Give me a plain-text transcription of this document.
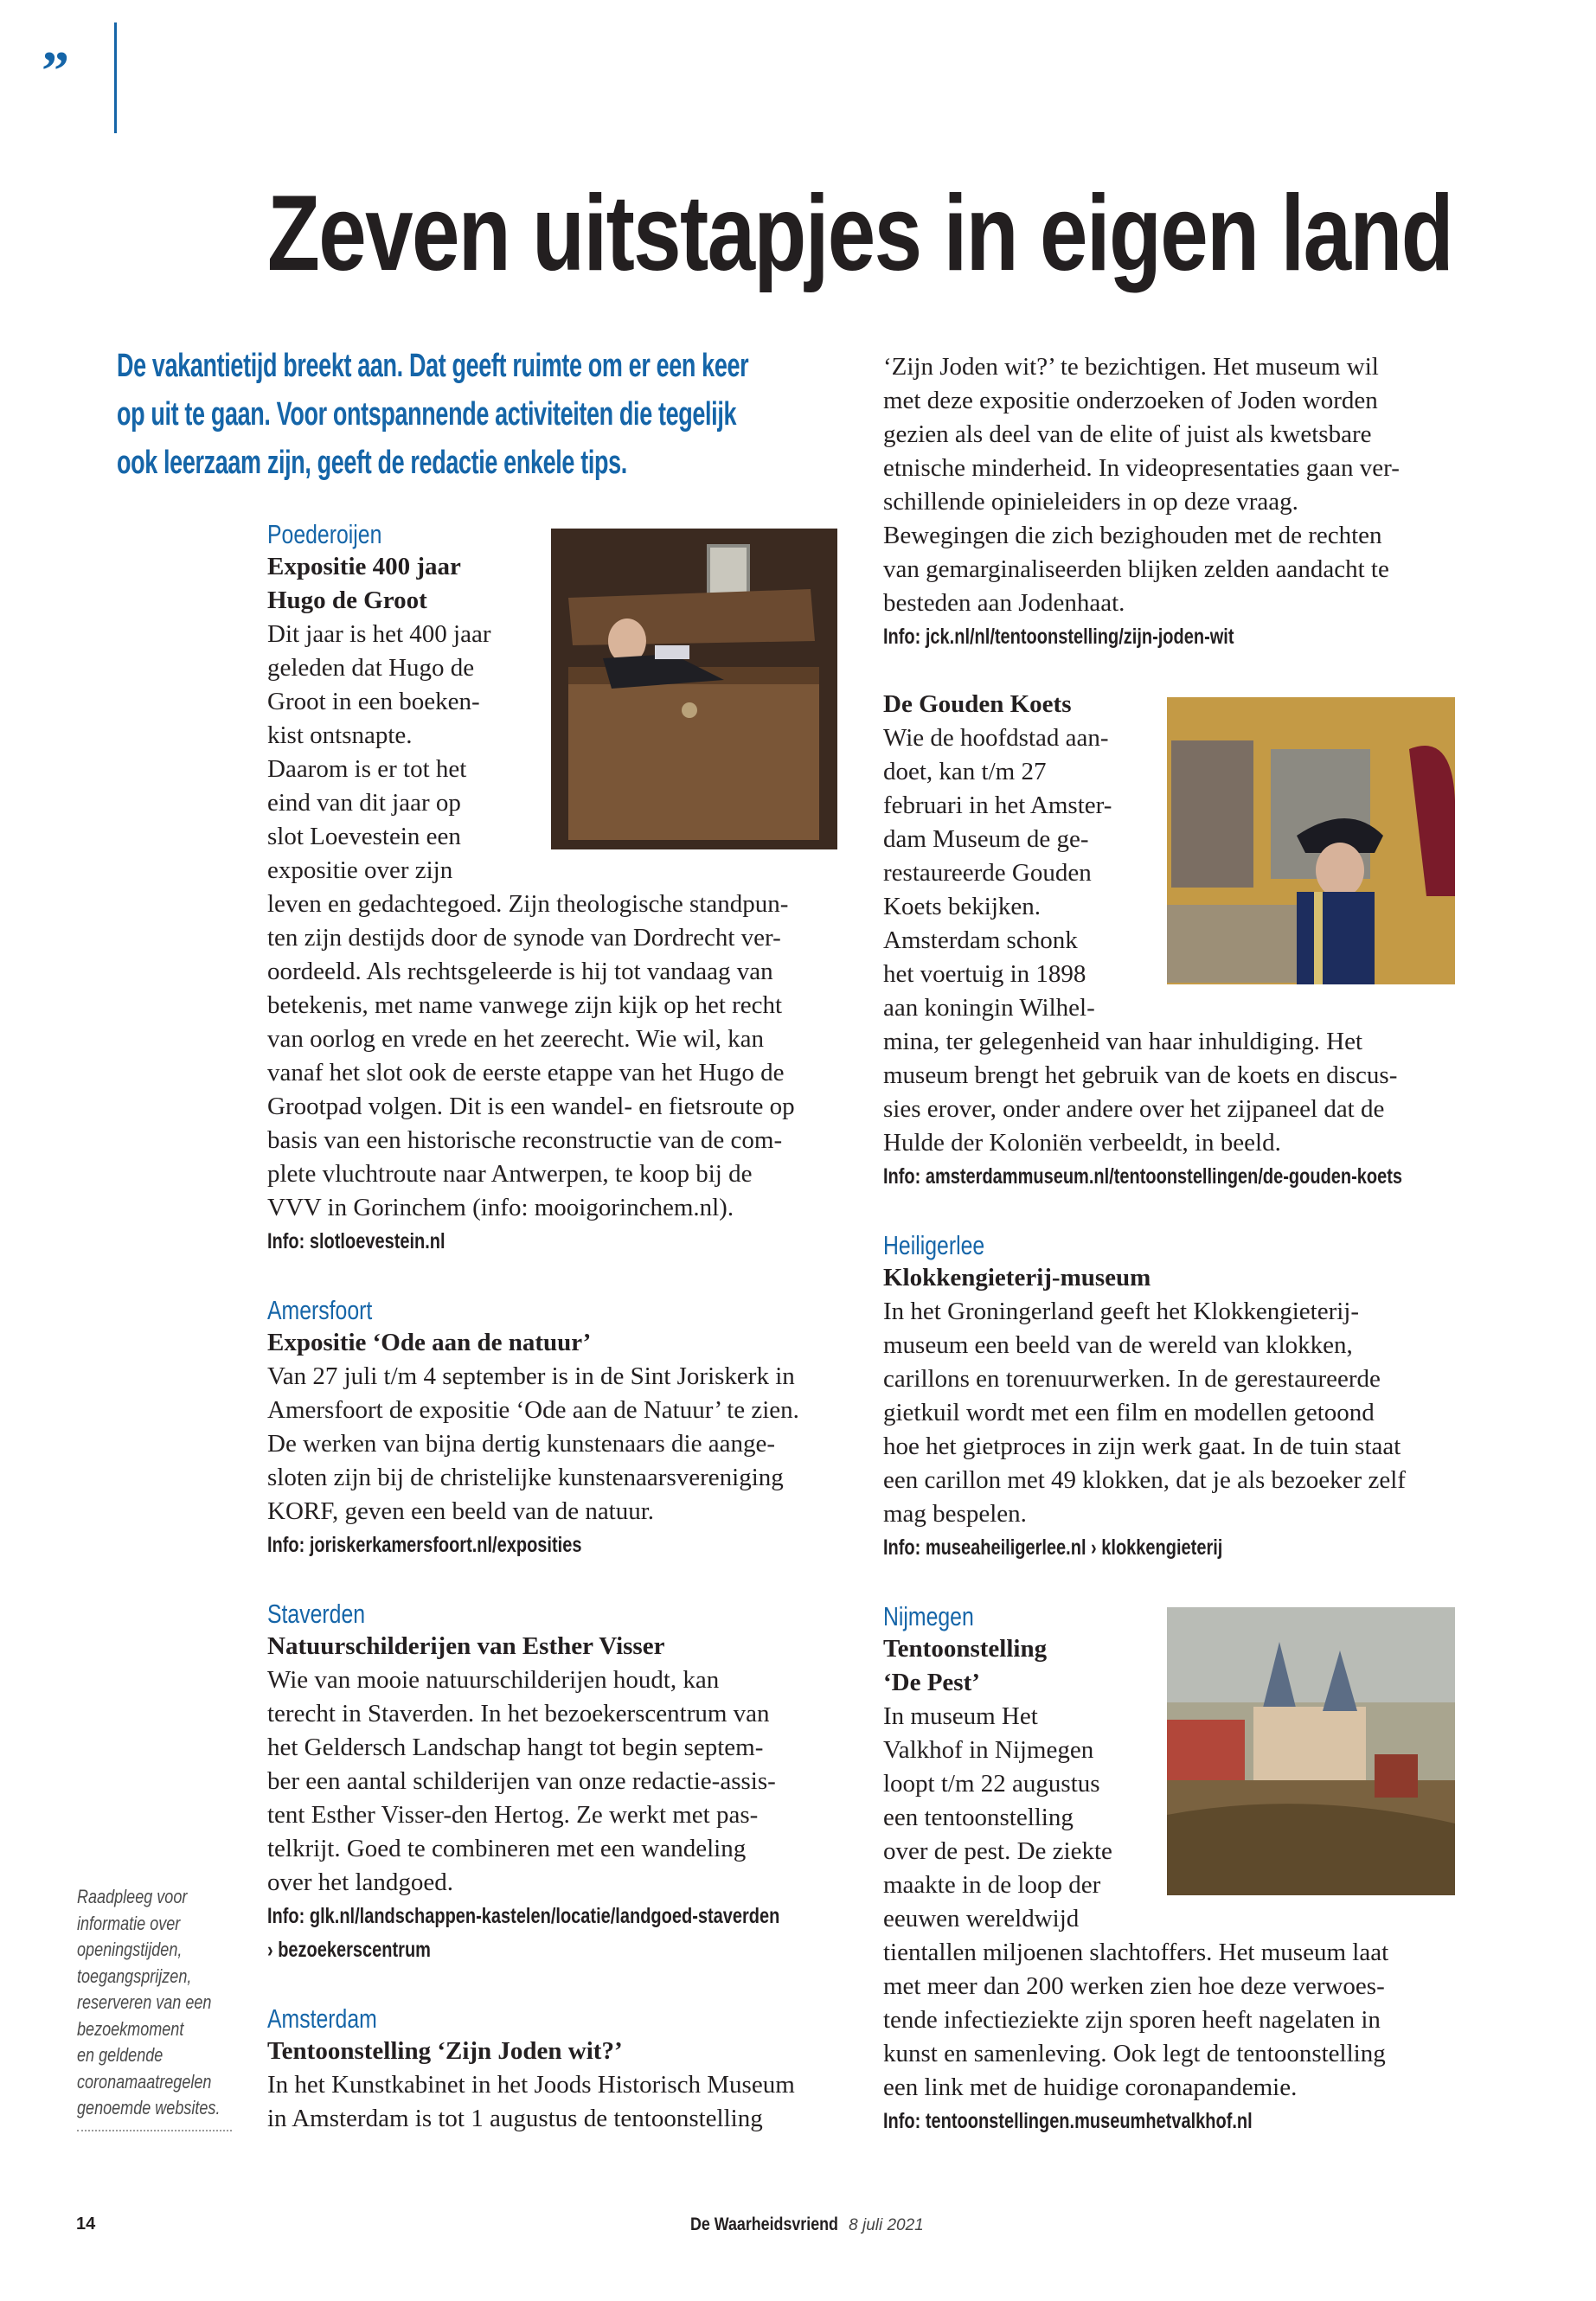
”
Zeven uitstapjes in eigen land
De vakantietijd breekt aan. Dat geeft ruimte om er een keer
op uit te gaan. Voor ontspannende activiteiten die tegelijk
ook leerzaam zijn, geeft de redactie enkele tips.
Poederoijen
Expositie 400 jaar
Hugo de Groot
Dit jaar is het 400 jaar
geleden dat Hugo de
Groot in een boeken-
kist ontsnapte.
Daarom is er tot het
eind van dit jaar op
slot Loevestein een
expositie over zijn
leven en gedachtegoed. Zijn theologische standpun-
ten zijn destijds door de synode van Dordrecht ver-
oordeeld. Als rechtsgeleerde is hij tot vandaag van
betekenis, met name vanwege zijn kijk op het recht
van oorlog en vrede en het zeerecht. Wie wil, kan
vanaf het slot ook de eerste etappe van het Hugo de
Grootpad volgen. Dit is een wandel- en fietsroute op
basis van een historische reconstructie van de com-
plete vluchtroute naar Antwerpen, te koop bij de
VVV in Gorinchem (info: mooigorinchem.nl).
Info: slotloevestein.nl
Amersfoort
Expositie ‘Ode aan de natuur’
Van 27 juli t/m 4 september is in de Sint Joriskerk in
Amersfoort de expositie ‘Ode aan de Natuur’ te zien.
De werken van bijna dertig kunstenaars die aange-
sloten zijn bij de christelijke kunstenaarsvereniging
KORF, geven een beeld van de natuur.
Info: joriskerkamersfoort.nl/exposities
Staverden
Natuurschilderijen van Esther Visser
Wie van mooie natuurschilderijen houdt, kan
terecht in Staverden. In het bezoekerscentrum van
het Geldersch Landschap hangt tot begin septem-
ber een aantal schilderijen van onze redactie-assis-
tent Esther Visser-den Hertog. Ze werkt met pas-
telkrijt. Goed te combineren met een wandeling
over het landgoed.
Info: glk.nl/landschappen-kastelen/locatie/landgoed-staverden
› bezoekerscentrum
Amsterdam
Tentoonstelling ‘Zijn Joden wit?’
In het Kunstkabinet in het Joods Historisch Museum
in Amsterdam is tot 1 augustus de tentoonstelling
‘Zijn Joden wit?’ te bezichtigen. Het museum wil
met deze expositie onderzoeken of Joden worden
gezien als deel van de elite of juist als kwetsbare
etnische minderheid. In videopresentaties gaan ver-
schillende opinieleiders in op deze vraag.
Bewegingen die zich bezighouden met de rechten
van gemarginaliseerden blijken zelden aandacht te
besteden aan Jodenhaat.
Info: jck.nl/nl/tentoonstelling/zijn-joden-wit
De Gouden Koets
Wie de hoofdstad aan-
doet, kan t/m 27
februari in het Amster-
dam Museum de ge-
restaureerde Gouden
Koets bekijken.
Amsterdam schonk
het voertuig in 1898
aan koningin Wilhel-
mina, ter gelegenheid van haar inhuldiging. Het
museum brengt het gebruik van de koets en discus-
sies erover, onder andere over het zijpaneel dat de
Hulde der Koloniën verbeeldt, in beeld.
Info: amsterdammuseum.nl/tentoonstellingen/de-gouden-koets
Heiligerlee
Klokkengieterij-museum
In het Groningerland geeft het Klokkengieterij-
museum een beeld van de wereld van klokken,
carillons en torenuurwerken. In de gerestaureerde
gietkuil wordt met een film en modellen getoond
hoe het gietproces in zijn werk gaat. In de tuin staat
een carillon met 49 klokken, dat je als bezoeker zelf
mag bespelen.
Info: museaheiligerlee.nl › klokkengieterij
Nijmegen
Tentoonstelling
‘De Pest’
In museum Het
Valkhof in Nijmegen
loopt t/m 22 augustus
een tentoonstelling
over de pest. De ziekte
maakte in de loop der
eeuwen wereldwijd
tientallen miljoenen slachtoffers. Het museum laat
met meer dan 200 werken zien hoe deze verwoes-
tende infectieziekte zijn sporen heeft nagelaten in
kunst en samenleving. Ook legt de tentoonstelling
een link met de huidige coronapandemie.
Info: tentoonstellingen.museumhetvalkhof.nl
Raadpleeg voor
informatie over
openingstijden,
toegangsprijzen,
reserveren van een
bezoekmoment
en geldende
coronamaatregelen
genoemde websites.
14	De Waarheidsvriend 8 juli 2021
